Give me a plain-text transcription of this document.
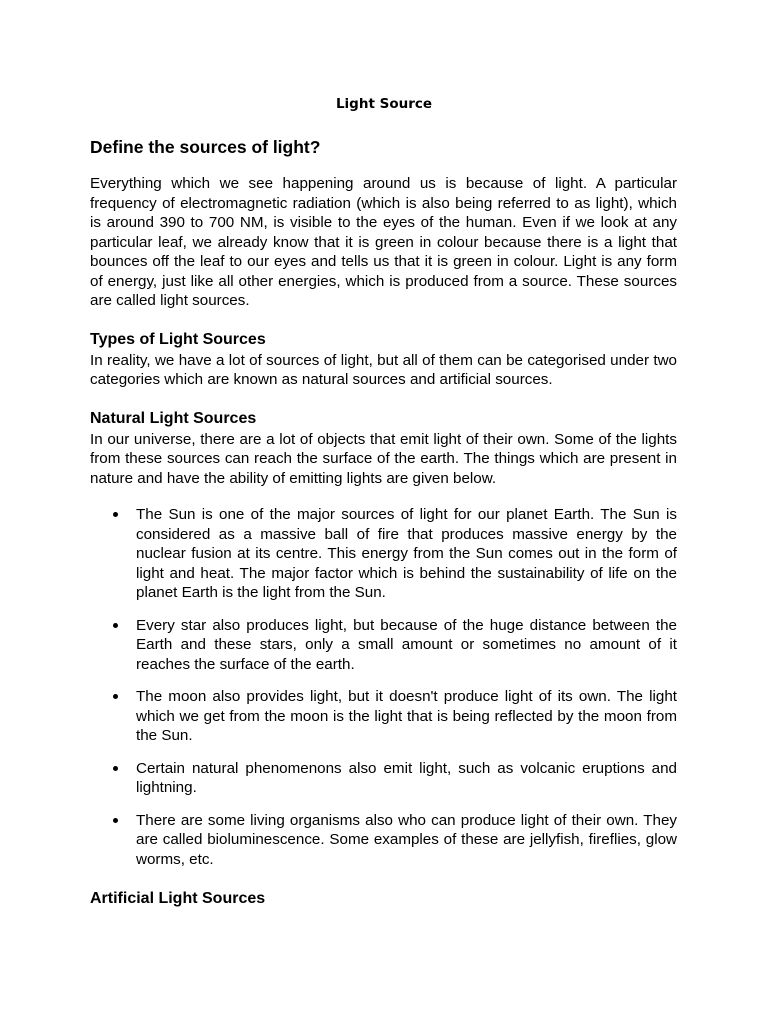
Light Source
Define the sources of light?

Everything which we see happening around us is because of light. A particular frequency of electromagnetic radiation (which is also being referred to as light), which is around 390 to 700 NM, is visible to the eyes of the human. Even if we look at any particular leaf, we already know that it is green in colour because there is a light that bounces off the leaf to our eyes and tells us that it is green in colour. Light is any form of energy, just like all other energies, which is produced from a source. These sources are called light sources.

Types of Light Sources

In reality, we have a lot of sources of light, but all of them can be categorised under two categories which are known as natural sources and artificial sources.

Natural Light Sources

In our universe, there are a lot of objects that emit light of their own. Some of the lights from these sources can reach the surface of the earth. The things which are present in nature and have the ability of emitting lights are given below.

The Sun is one of the major sources of light for our planet Earth. The Sun is considered as a massive ball of fire that produces massive energy by the nuclear fusion at its centre. This energy from the Sun comes out in the form of light and heat. The major factor which is behind the sustainability of life on the planet Earth is the light from the Sun.
Every star also produces light, but because of the huge distance between the Earth and these stars, only a small amount or sometimes no amount of it reaches the surface of the earth.
The moon also provides light, but it doesn't produce light of its own. The light which we get from the moon is the light that is being reflected by the moon from the Sun.
Certain natural phenomenons also emit light, such as volcanic eruptions and lightning.
There are some living organisms also who can produce light of their own. They are called bioluminescence. Some examples of these are jellyfish, fireflies, glow worms, etc.
Artificial Light Sources
